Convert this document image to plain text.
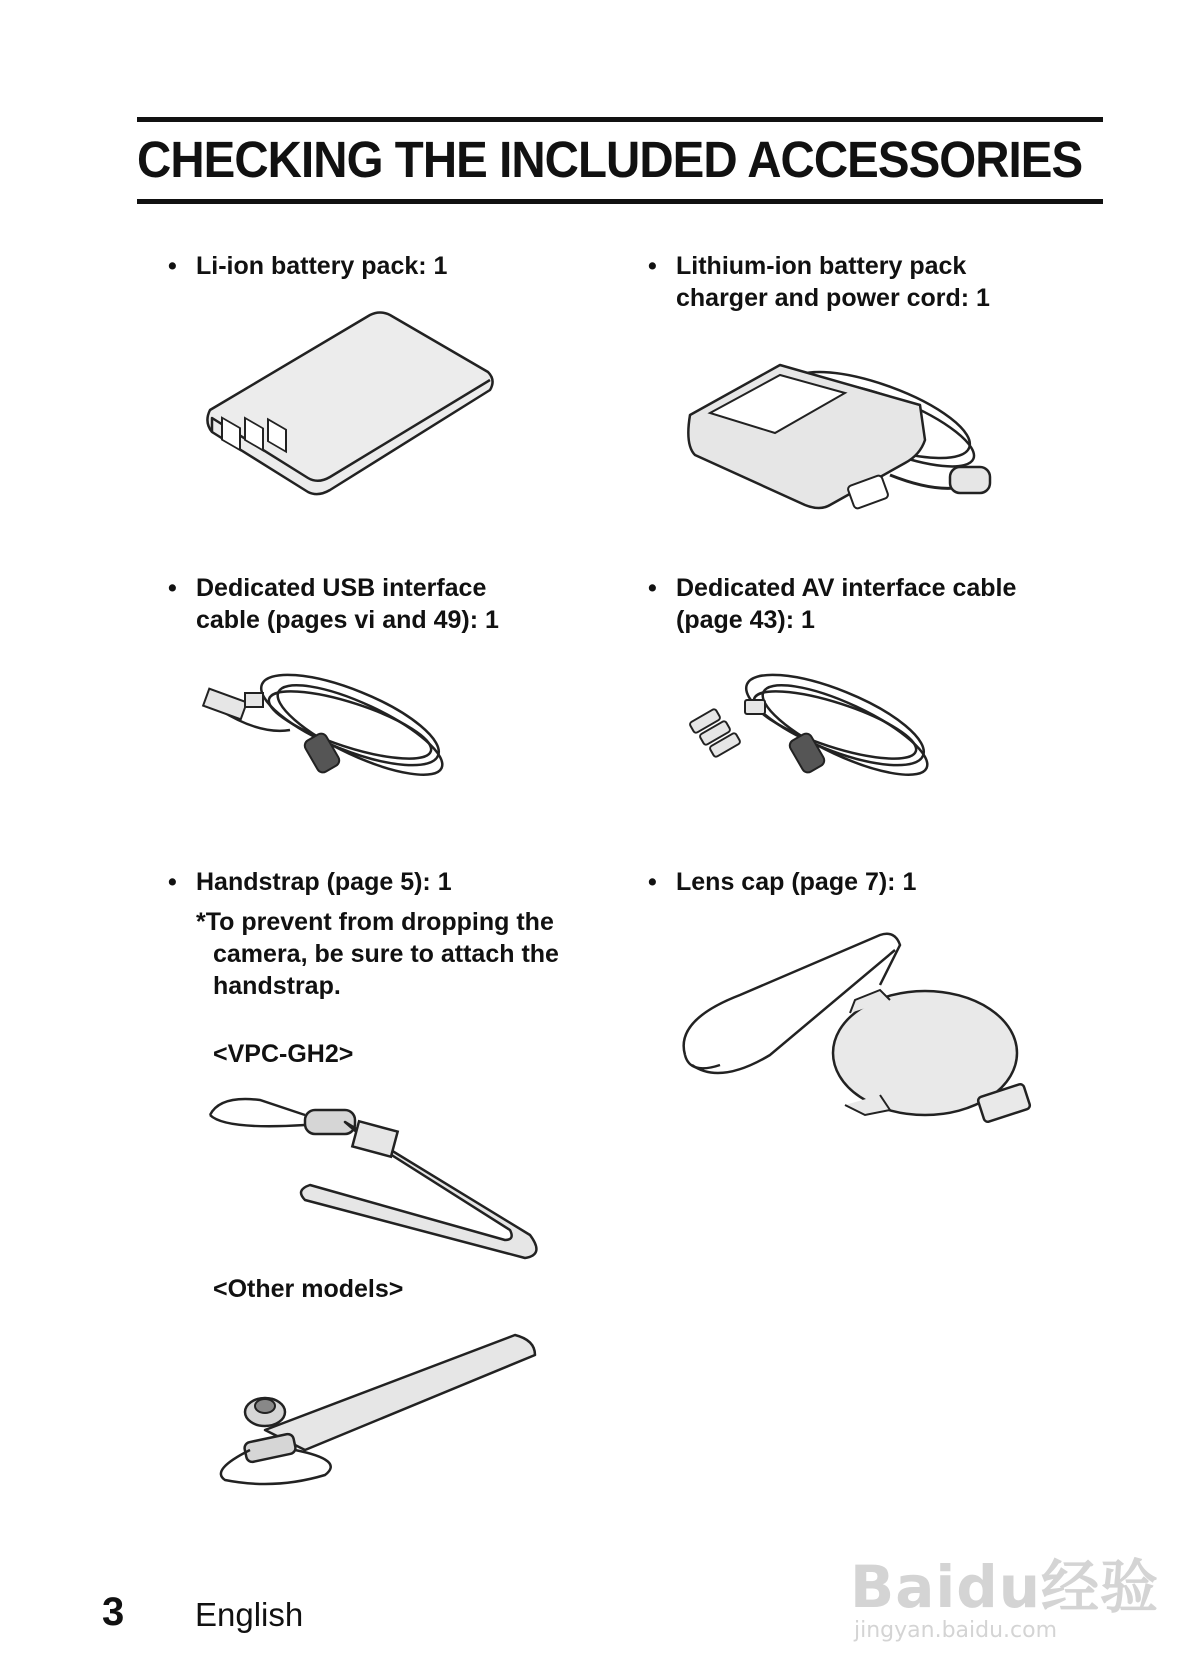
CHECKING THE INCLUDED ACCESSORIES
• Li-ion battery pack: 1	• Lithium-ion battery pack
charger and power cord: 1
• Dedicated USB interface
cable (pages vi and 49): 1
• Dedicated AV interface cable
(page 43): 1
• Handstrap (page 5): 1
*To prevent from dropping the
camera, be sure to attach the
handstrap.
<VPC-GH2>
<Other models>
• Lens cap (page 7): 1
3 English	Baidu经验
jingyan.baidu.com
